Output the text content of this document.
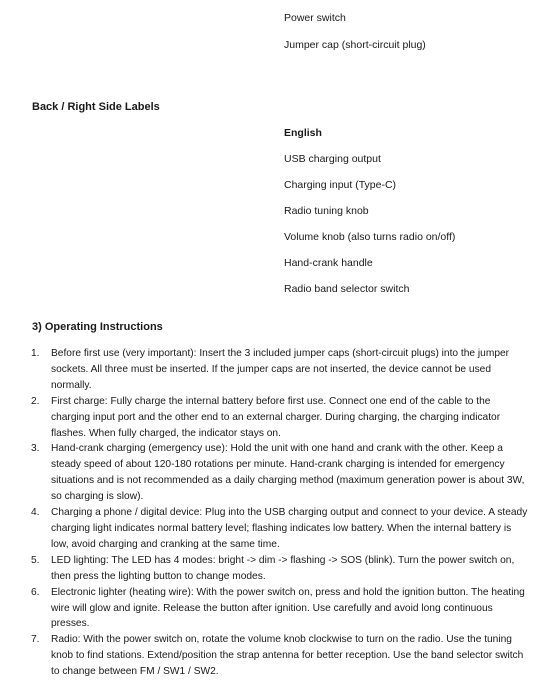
Power switch
Jumper cap (short-circuit plug)
Back / Right Side Labels
English
USB charging output
Charging input (Type-C)
Radio tuning knob
Volume knob (also turns radio on/off)
Hand-crank handle
Radio band selector switch
3) Operating Instructions
1. Before first use (very important): Insert the 3 included jumper caps (short-circuit plugs) into the jumper sockets. All three must be inserted. If the jumper caps are not inserted, the device cannot be used normally.
2. First charge: Fully charge the internal battery before first use. Connect one end of the cable to the charging input port and the other end to an external charger. During charging, the charging indicator flashes. When fully charged, the indicator stays on.
3. Hand-crank charging (emergency use): Hold the unit with one hand and crank with the other. Keep a steady speed of about 120-180 rotations per minute. Hand-crank charging is intended for emergency situations and is not recommended as a daily charging method (maximum generation power is about 3W, so charging is slow).
4. Charging a phone / digital device: Plug into the USB charging output and connect to your device. A steady charging light indicates normal battery level; flashing indicates low battery. When the internal battery is low, avoid charging and cranking at the same time.
5. LED lighting: The LED has 4 modes: bright -> dim -> flashing -> SOS (blink). Turn the power switch on, then press the lighting button to change modes.
6. Electronic lighter (heating wire): With the power switch on, press and hold the ignition button. The heating wire will glow and ignite. Release the button after ignition. Use carefully and avoid long continuous presses.
7. Radio: With the power switch on, rotate the volume knob clockwise to turn on the radio. Use the tuning knob to find stations. Extend/position the strap antenna for better reception. Use the band selector switch to change between FM / SW1 / SW2.
